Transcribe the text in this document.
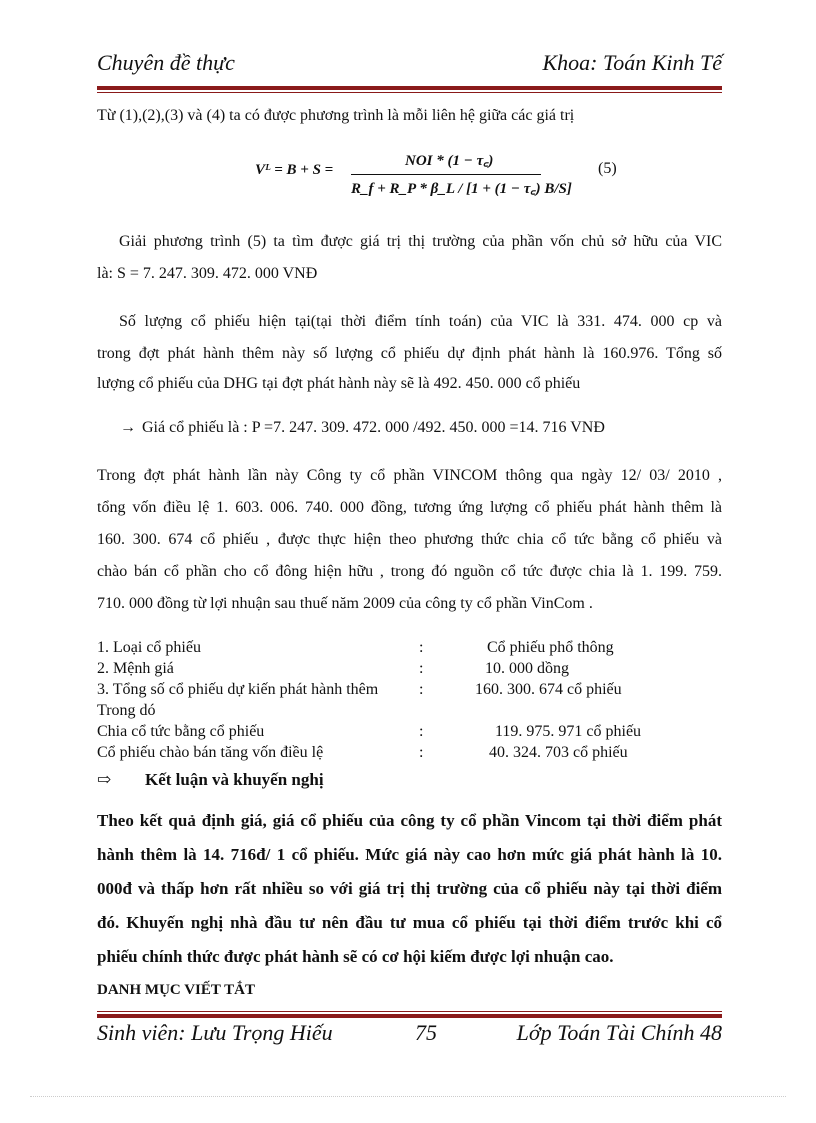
Chuyên đề thực	Khoa: Toán Kinh Tế
Từ (1),(2),(3) và (4) ta có được phương trình là mỗi liên hệ giữa các giá trị
Vᴸ = B + S =
NOI * (1 − τ꜀)
R_f + R_P * β_L / [1 + (1 − τ꜀) B/S]
(5)
Giải phương trình (5) ta tìm được giá trị thị trường của phần vốn chủ sở hữu của VIC
là: S = 7. 247. 309. 472. 000 VNĐ
Số lượng cổ phiếu hiện tại(tại thời điểm tính toán) của VIC là 331. 474. 000 cp và
trong đợt phát hành thêm này số lượng cổ phiếu dự định phát hành là 160.976. Tổng số
lượng cổ phiếu của DHG tại đợt phát hành này sẽ là 492. 450. 000 cổ phiếu
→ Giá cổ phiếu là : P =7. 247. 309. 472. 000 /492. 450. 000 =14. 716 VNĐ
Trong đợt phát hành lần này Công ty cổ phần VINCOM thông qua ngày 12/ 03/ 2010 ,
tổng vốn điều lệ 1. 603. 006. 740. 000 đồng, tương ứng lượng cổ phiếu phát hành thêm là
160. 300. 674 cổ phiếu , được thực hiện theo phương thức chia cổ tức bằng cổ phiếu và
chào bán cổ phần cho cổ đông hiện hữu , trong đó nguồn cổ tức được chia là 1. 199. 759.
710. 000 đồng từ lợi nhuận sau thuế năm 2009 của công ty cổ phần VinCom .
1. Loại cổ phiếu	:	Cổ phiếu phổ thông
2. Mệnh giá	:	10. 000 dồng
3. Tổng số cổ phiếu dự kiến phát hành thêm	:	160. 300. 674 cổ phiếu
Trong dó
Chia cổ tức bằng cổ phiếu	:	119. 975. 971 cổ phiếu
Cổ phiếu chào bán tăng vốn điều lệ	:	40. 324. 703 cổ phiếu
⇨ Kết luận và khuyến nghị
Theo kết quả định giá, giá cổ phiếu của công ty cổ phần Vincom tại thời điểm phát
hành thêm là 14. 716đ/ 1 cổ phiếu. Mức giá này cao hơn mức giá phát hành là 10.
000đ và thấp hơn rất nhiều so với giá trị thị trường của cổ phiếu này tại thời điểm
đó. Khuyến nghị nhà đầu tư nên đầu tư mua cổ phiếu tại thời điểm trước khi cổ
phiếu chính thức được phát hành sẽ có cơ hội kiếm được lợi nhuận cao.
DANH MỤC VIẾT TẮT
Sinh viên: Lưu Trọng Hiếu	75	Lớp Toán Tài Chính 48
